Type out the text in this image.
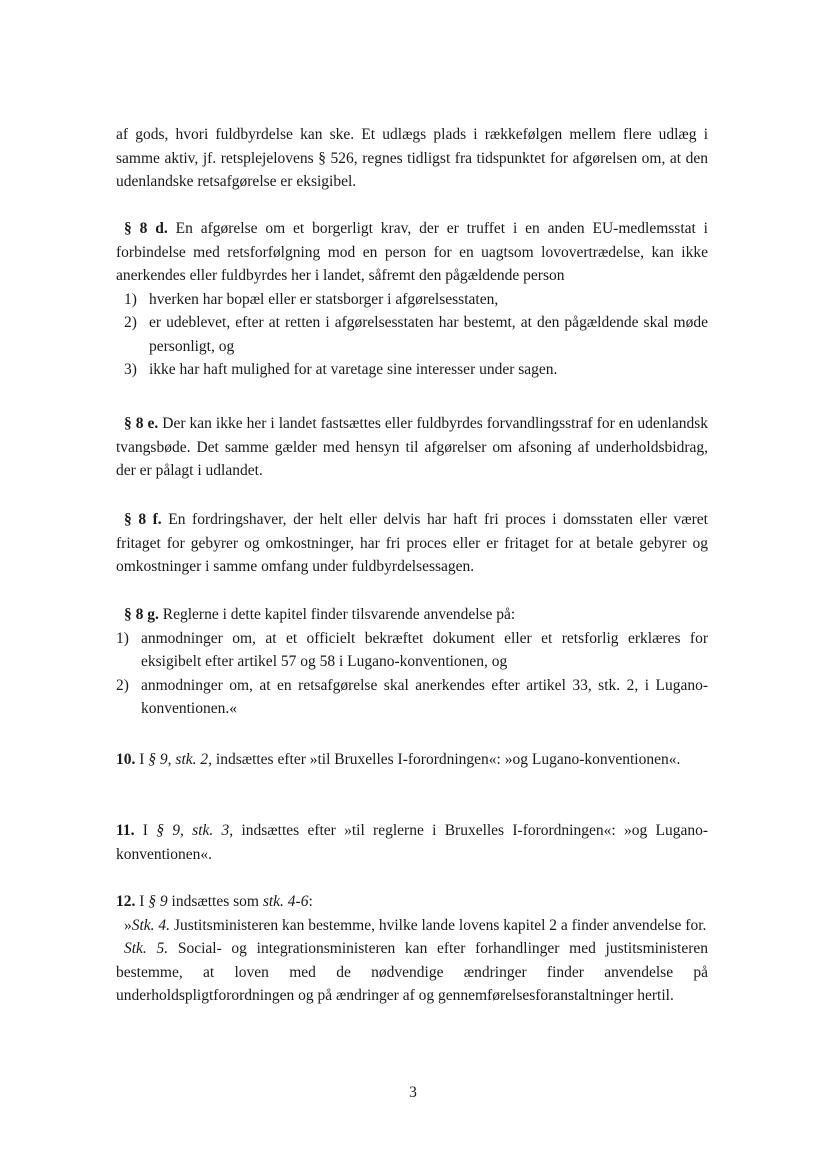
af gods, hvori fuldbyrdelse kan ske. Et udlægs plads i rækkefølgen mellem flere udlæg i samme aktiv, jf. retsplejelovens § 526, regnes tidligst fra tidspunktet for afgørelsen om, at den udenlandske retsafgørelse er eksigibel.

§ 8 d. En afgørelse om et borgerligt krav, der er truffet i en anden EU-medlemsstat i forbindelse med retsforfølgning mod en person for en uagtsom lovovertrædelse, kan ikke anerkendes eller fuldbyrdes her i landet, såfremt den pågældende person

1) hverken har bopæl eller er statsborger i afgørelsesstaten,
2) er udeblevet, efter at retten i afgørelsesstaten har bestemt, at den pågældende skal møde personligt, og
3) ikke har haft mulighed for at varetage sine interesser under sagen.

§ 8 e. Der kan ikke her i landet fastsættes eller fuldbyrdes forvandlingsstraf for en udenlandsk tvangsbøde. Det samme gælder med hensyn til afgørelser om afsoning af underholdsbidrag, der er pålagt i udlandet.

§ 8 f. En fordringshaver, der helt eller delvis har haft fri proces i domsstaten eller været fritaget for gebyrer og omkostninger, har fri proces eller er fritaget for at betale gebyrer og omkostninger i samme omfang under fuldbyrdelsessagen.

§ 8 g. Reglerne i dette kapitel finder tilsvarende anvendelse på:

1) anmodninger om, at et officielt bekræftet dokument eller et retsforlig erklæres for eksigibelt efter artikel 57 og 58 i Lugano-konventionen, og
2) anmodninger om, at en retsafgørelse skal anerkendes efter artikel 33, stk. 2, i Lugano-konventionen.«

10. I § 9, stk. 2, indsættes efter »til Bruxelles I-forordningen«: »og Lugano-konventionen«.

11. I § 9, stk. 3, indsættes efter »til reglerne i Bruxelles I-forordningen«: »og Lugano-konventionen«.

12. I § 9 indsættes som stk. 4-6:

»Stk. 4. Justitsministeren kan bestemme, hvilke lande lovens kapitel 2 a finder anvendelse for.

Stk. 5. Social- og integrationsministeren kan efter forhandlinger med justitsministeren bestemme, at loven med de nødvendige ændringer finder anvendelse på underholdspligtforordningen og på ændringer af og gennemførelsesforanstaltninger hertil.

3
